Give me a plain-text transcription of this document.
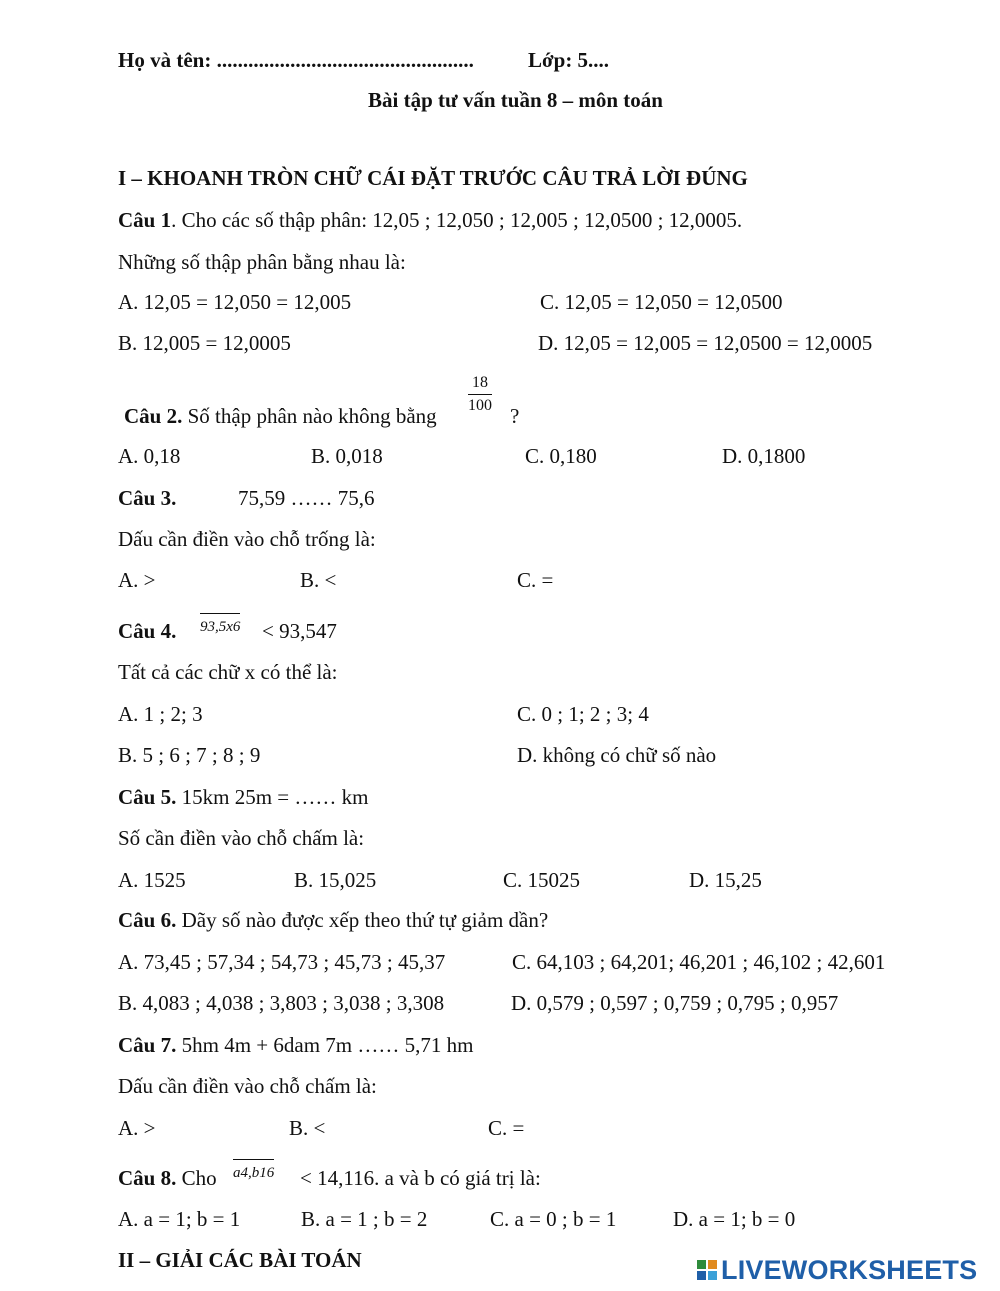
Họ và tên: .................................................	Lớp: 5....
Bài tập tư vấn tuần 8 – môn toán
I – KHOANH TRÒN CHỮ CÁI ĐẶT TRƯỚC CÂU TRẢ LỜI ĐÚNG
Câu 1. Cho các số thập phân: 12,05 ; 12,050 ; 12,005 ; 12,0500 ; 12,0005.
Những số thập phân bằng nhau là:
A. 12,05 = 12,050 = 12,005	C. 12,05 = 12,050 = 12,0500
B. 12,005 = 12,0005	D. 12,05 = 12,005 = 12,0500 = 12,0005
Câu 2. Số thập phân nào không bằng
$\frac{18}{100}$
?
A. 0,18	B. 0,018	C. 0,180	D. 0,1800
Câu 3.	75,59 …… 75,6
Dấu cần điền vào chỗ trống là:
A. >	B. <	C. =
Câu 4. 93,5x6 < 93,547
Tất cả các chữ x có thể là:
A. 1 ; 2; 3	C. 0 ; 1; 2 ; 3; 4
B. 5 ; 6 ; 7 ; 8 ; 9	D. không có chữ số nào
Câu 5. 15km 25m = …… km
Số cần điền vào chỗ chấm là:
A. 1525	B. 15,025	C. 15025	D. 15,25
Câu 6. Dãy số nào được xếp theo thứ tự giảm dần?
A. 73,45 ; 57,34 ; 54,73 ; 45,73 ; 45,37	C. 64,103 ; 64,201; 46,201 ; 46,102 ; 42,601
B. 4,083 ; 4,038 ; 3,803 ; 3,038 ; 3,308	D. 0,579 ; 0,597 ; 0,759 ; 0,795 ; 0,957
Câu 7. 5hm 4m + 6dam 7m …… 5,71 hm
Dấu cần điền vào chỗ chấm là:
A. >	B. <	C. =
Câu 8. Cho a4,b16 < 14,116. a và b có giá trị là:
A. a = 1; b = 1	B. a = 1 ; b = 2	C. a = 0 ; b = 1	D. a = 1; b = 0
II – GIẢI CÁC BÀI TOÁN	LIVEWORKSHEETS
